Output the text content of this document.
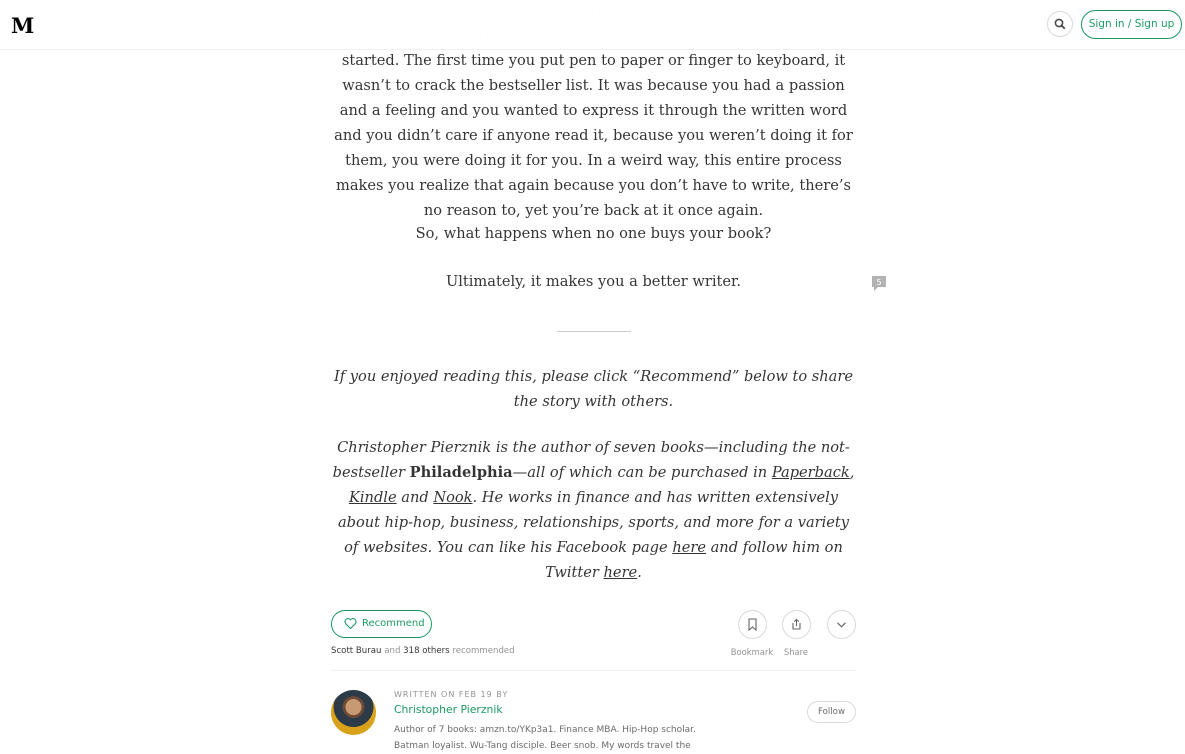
M	Sign in / Sign up

started. The first time you put pen to paper or finger to keyboard, it wasn’t to crack the bestseller list. It was because you had a passion and a feeling and you wanted to express it through the written word and you didn’t care if anyone read it, because you weren’t doing it for them, you were doing it for you. In a weird way, this entire process makes you realize that again because you don’t have to write, there’s no reason to, yet you’re back at it once again.

So, what happens when no one buys your book?

Ultimately, it makes you a better writer.

If you enjoyed reading this, please click “Recommend” below to share the story with others.

Christopher Pierznik is the author of seven books—including the not-bestseller Philadelphia—all of which can be purchased in Paperback, Kindle and Nook. He works in finance and has written extensively about hip-hop, business, relationships, sports, and more for a variety of websites. You can like his Facebook page here and follow him on Twitter here.

5
Recommend
Scott Burau and 318 others recommended	Bookmark	Share
WRITTEN ON FEB 19 BY
Christopher Pierznik
Author of 7 books: amzn.to/YKp3a1. Finance MBA. Hip-Hop scholar. Batman loyalist. Wu-Tang disciple. Beer snob. My words travel the
Follow
